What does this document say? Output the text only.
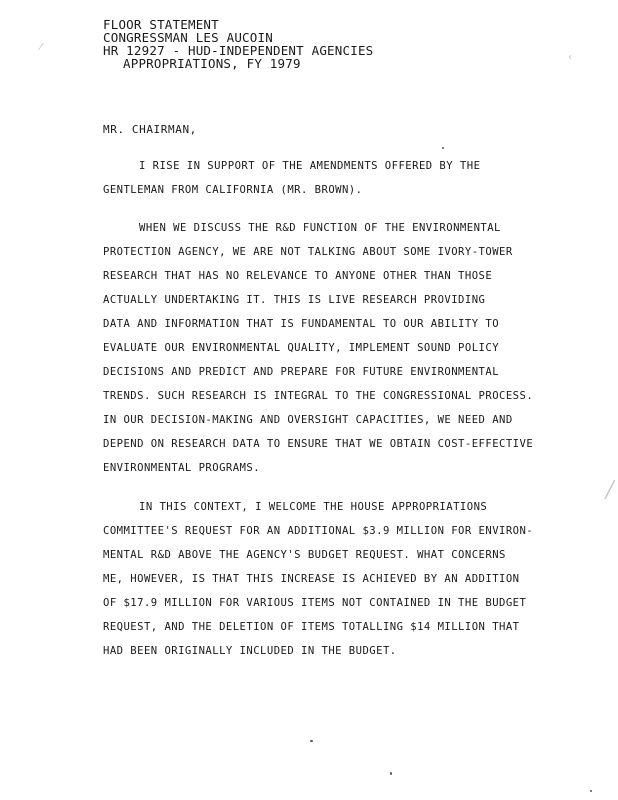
FLOOR STATEMENT
CONGRESSMAN LES AUCOIN
HR 12927 - HUD-INDEPENDENT AGENCIES
APPROPRIATIONS, FY 1979
MR. CHAIRMAN,
I RISE IN SUPPORT OF THE AMENDMENTS OFFERED BY THE
GENTLEMAN FROM CALIFORNIA (MR. BROWN).
WHEN WE DISCUSS THE R&D FUNCTION OF THE ENVIRONMENTAL
PROTECTION AGENCY, WE ARE NOT TALKING ABOUT SOME IVORY-TOWER
RESEARCH THAT HAS NO RELEVANCE TO ANYONE OTHER THAN THOSE
ACTUALLY UNDERTAKING IT. THIS IS LIVE RESEARCH PROVIDING
DATA AND INFORMATION THAT IS FUNDAMENTAL TO OUR ABILITY TO
EVALUATE OUR ENVIRONMENTAL QUALITY, IMPLEMENT SOUND POLICY
DECISIONS AND PREDICT AND PREPARE FOR FUTURE ENVIRONMENTAL
TRENDS. SUCH RESEARCH IS INTEGRAL TO THE CONGRESSIONAL PROCESS.
IN OUR DECISION-MAKING AND OVERSIGHT CAPACITIES, WE NEED AND
DEPEND ON RESEARCH DATA TO ENSURE THAT WE OBTAIN COST-EFFECTIVE
ENVIRONMENTAL PROGRAMS.
IN THIS CONTEXT, I WELCOME THE HOUSE APPROPRIATIONS
COMMITTEE'S REQUEST FOR AN ADDITIONAL $3.9 MILLION FOR ENVIRON-
MENTAL R&D ABOVE THE AGENCY'S BUDGET REQUEST. WHAT CONCERNS
ME, HOWEVER, IS THAT THIS INCREASE IS ACHIEVED BY AN ADDITION
OF $17.9 MILLION FOR VARIOUS ITEMS NOT CONTAINED IN THE BUDGET
REQUEST, AND THE DELETION OF ITEMS TOTALLING $14 MILLION THAT
HAD BEEN ORIGINALLY INCLUDED IN THE BUDGET.
⁄
‹
╱
